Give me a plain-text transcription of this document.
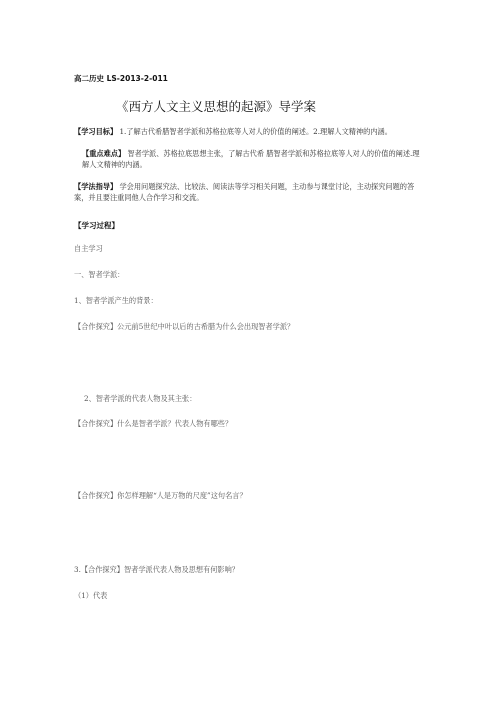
高二历史 LS-2013-2-011

《西方人文主义思想的起源》导学案

【学习目标】 1.了解古代希腊智者学派和苏格拉底等人对人的价值的阐述。2.理解人文精神的内涵。

【重点难点】 智者学派、苏格拉底思想主张，了解古代希 腊智者学派和苏格拉底等人对人的价值的阐述.理解人文精神的内涵。

【学法指导】 学会用问题探究法、比较法、阅读法等学习相关问题，主动参与课堂讨论，主动探究问题的答案，并且要注重同他人合作学习和交流。

【学习过程】

自主学习

一、智者学派：

1、智者学派产生的背景：

【合作探究】公元前5世纪中叶以后的古希腊为什么会出现智者学派？

2、智者学派的代表人物及其主张：

【合作探究】什么是智者学派？代表人物有哪些？

【合作探究】你怎样理解“人是万物的尺度”这句名言？

3.【合作探究】智者学派代表人物及思想有何影响？

（1）代表
